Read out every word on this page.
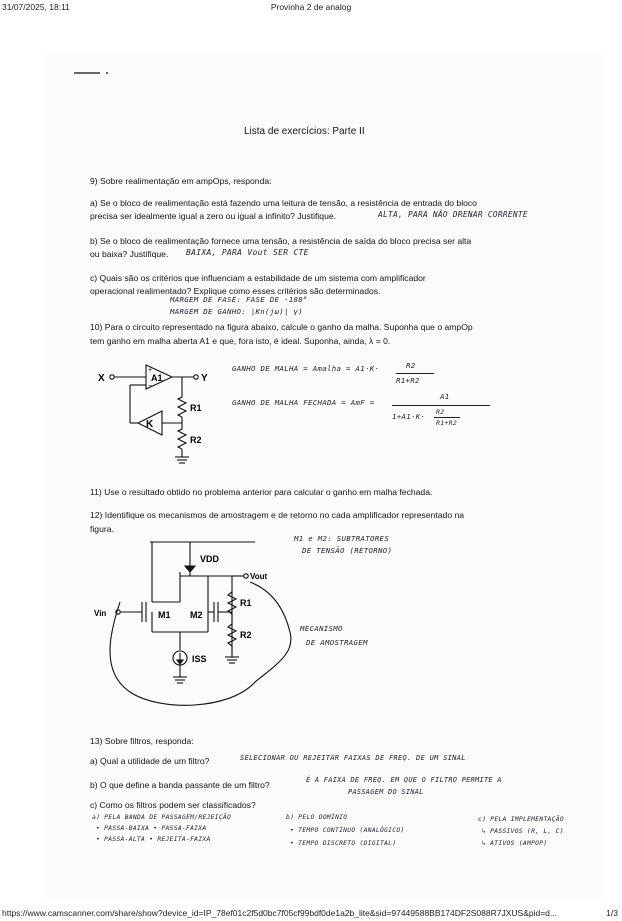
31/07/2025, 18:11	Provinha 2 de analog
Lista de exercícios: Parte II
9) Sobre realimentação em ampOps, responda:
a) Se o bloco de realimentação está fazendo uma leitura de tensão, a resistência de entrada do bloco
precisa ser idealmente igual a zero ou igual a infinito? Justifique.	ALTA, PARA NÃO DRENAR CORRENTE
b) Se o bloco de realimentação fornece uma tensão, a resistência de saída do bloco precisa ser alta
ou baixa? Justifique. BAIXA, PARA Vout SER CTE
c) Quais são os critérios que influenciam a estabilidade de um sistema com amplificador
operacional realimentado? Explique como esses critérios são determinados.
MARGEM DE FASE: FASE DE -180°
MARGEM DE GANHO: |Kn(jω)| γ)
10) Para o circuito representado na figura abaixo, calcule o ganho da malha. Suponha que o ampOp
tem ganho em malha aberta A1 e que, fora isto, é ideal. Suponha, ainda, λ = 0.
X	Y
A1
K
R1
R2
+
−
GANHO DE MALHA = Amalha = A1·K·	R2
R1+R2
GANHO DE MALHA FECHADA = AmF =
A1
1+A1·K· R2
R1+R2
11) Use o resultado obtido no problema anterior para calcular o ganho em malha fechada.
12) Identifique os mecanismos de amostragem e de retorno no cada amplificador representado na
figura.
VDD
Vout
Vin	M1 M2
R1
R2
ISS
M1 e M2: SUBTRATORES
DE TENSÃO (RETORNO)
MECANISMO
DE AMOSTRAGEM
13) Sobre filtros, responda:
a) Qual a utilidade de um filtro?	SELECIONAR OU REJEITAR FAIXAS DE FREQ. DE UM SINAL
b) O que define a banda passante de um filtro?	É A FAIXA DE FREQ. EM QUE O FILTRO PERMITE A
PASSAGEM DO SINAL
c) Como os filtros podem ser classificados?
a) PELA BANDA DE PASSAGEM/REJEIÇÃO
• PASSA-BAIXA • PASSA-FAIXA
• PASSA-ALTA • REJEITA-FAIXA
b) PELO DOMÍNIO
• TEMPO CONTÍNUO (ANALÓGICO)
• TEMPO DISCRETO (DIGITAL)
c) PELA IMPLEMENTAÇÃO
↳ PASSIVOS (R, L, C)
↳ ATIVOS (AMPOP)
https://www.camscanner.com/share/show?device_id=IP_78ef01c2f5d0bc7f05cf99bdf0de1a2b_lite&sid=97449588BB174DF2S088R7JXUS&pid=d...	1/3
